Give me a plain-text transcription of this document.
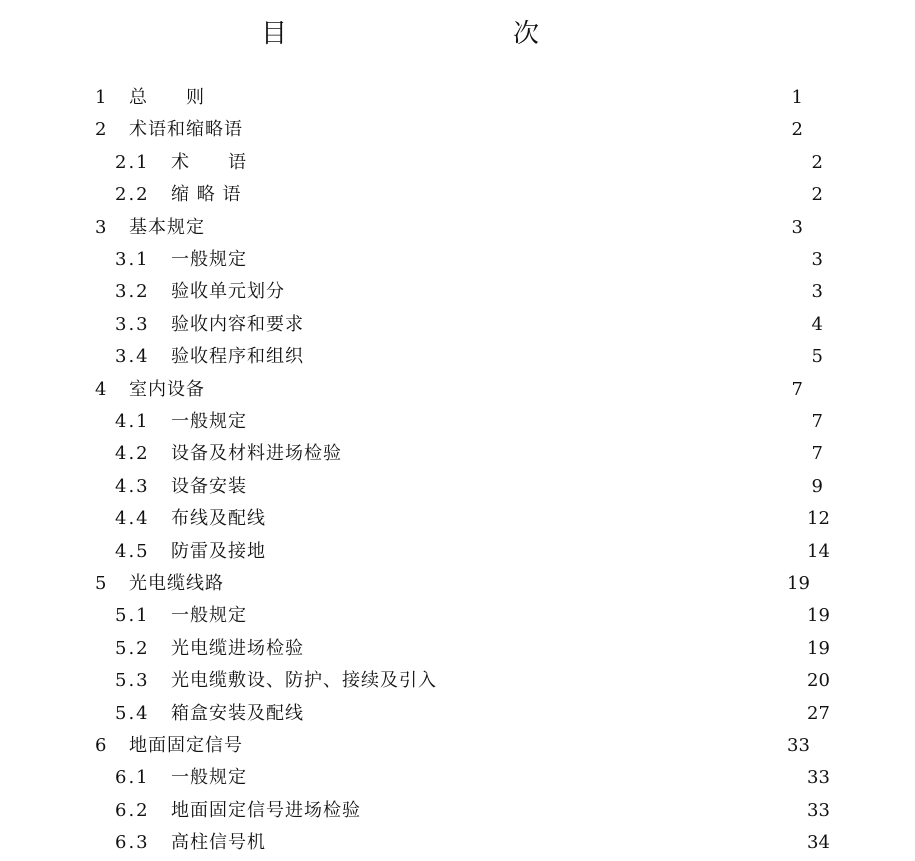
目　　次
1	总　　则	1
2	术语和缩略语	2
2.1	术　　语	2
2.2	缩 略 语	2
3	基本规定	3
3.1	一般规定	3
3.2	验收单元划分	3
3.3	验收内容和要求	4
3.4	验收程序和组织	5
4	室内设备	7
4.1	一般规定	7
4.2	设备及材料进场检验	7
4.3	设备安装	9
4.4	布线及配线	12
4.5	防雷及接地	14
5	光电缆线路	19
5.1	一般规定	19
5.2	光电缆进场检验	19
5.3	光电缆敷设、防护、接续及引入	20
5.4	箱盒安装及配线	27
6	地面固定信号	33
6.1	一般规定	33
6.2	地面固定信号进场检验	33
6.3	高柱信号机	34
